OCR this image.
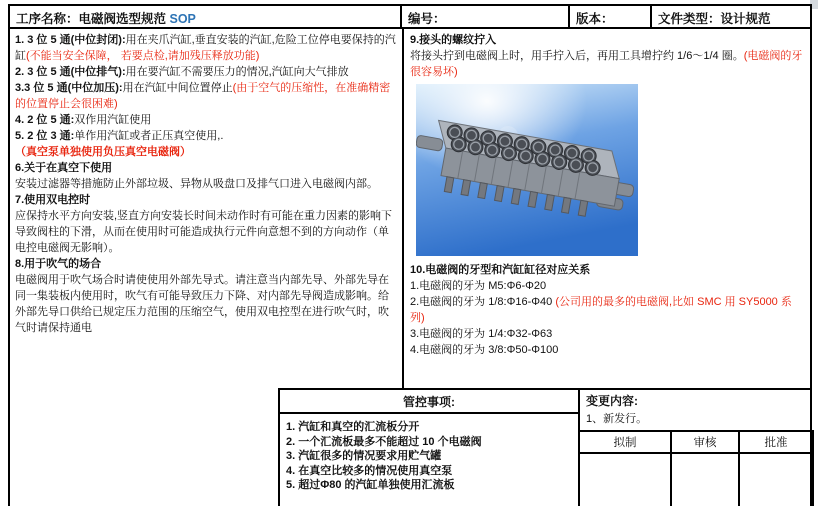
工序名称：电磁阀选型规范 SOP	编号：	版本：	文件类型：设计规范

1. 3 位 5 通(中位封闭):用在夹爪汽缸,垂直安装的汽缸,危险工位停电要保持的汽缸(不能当安全保障， 若要点检,请加残压释放功能)

2. 3 位 5 通(中位排气):用在要汽缸不需要压力的情况,汽缸向大气排放

3.3 位 5 通(中位加压):用在汽缸中间位置停止(由于空气的压缩性，在准确精密的位置停止会很困难)

4. 2 位 5 通:双作用汽缸使用

5. 2 位 3 通:单作用汽缸或者正压真空使用,. （真空泵单独使用负压真空电磁阀）

6.关于在真空下使用

安装过滤器等措施防止外部垃圾、异物从吸盘口及排气口进入电磁阀内部。

7.使用双电控时

应保持水平方向安装,竖直方向安装长时间未动作时有可能在重力因素的影响下导致阀柱的下滑，从而在使用时可能造成执行元件向意想不到的方向动作（单电控电磁阀无影响）。

8.用于吹气的场合

电磁阀用于吹气场合时请使使用外部先导式。请注意当内部先导、外部先导在同一集装板内使用时，吹气有可能导致压力下降、对内部先导阀造成影响。给外部先导口供给已规定压力范围的压缩空气，使用双电控型在进行吹气时，吹气时请保持通电

9.接头的螺纹拧入

将接头拧到电磁阀上时，用手拧入后，再用工具增拧约 1/6～1/4 圈。(电磁阀的牙很容易坏)

10.电磁阀的牙型和汽缸缸径对应关系

1.电磁阀的牙为 M5:Φ6-Φ20

2.电磁阀的牙为 1/8:Φ16-Φ40 (公司用的最多的电磁阀,比如 SMC 用 SY5000 系列)

3.电磁阀的牙为 1/4:Φ32-Φ63

4.电磁阀的牙为 3/8:Φ50-Φ100

管控事项:
1. 汽缸和真空的汇流板分开
2. 一个汇流板最多不能超过 10 个电磁阀
3. 汽缸很多的情况要求用贮气罐
4. 在真空比较多的情况使用真空泵
5. 超过Φ80 的汽缸单独使用汇流板
变更内容:
1、新发行。
拟制	审核	批准
